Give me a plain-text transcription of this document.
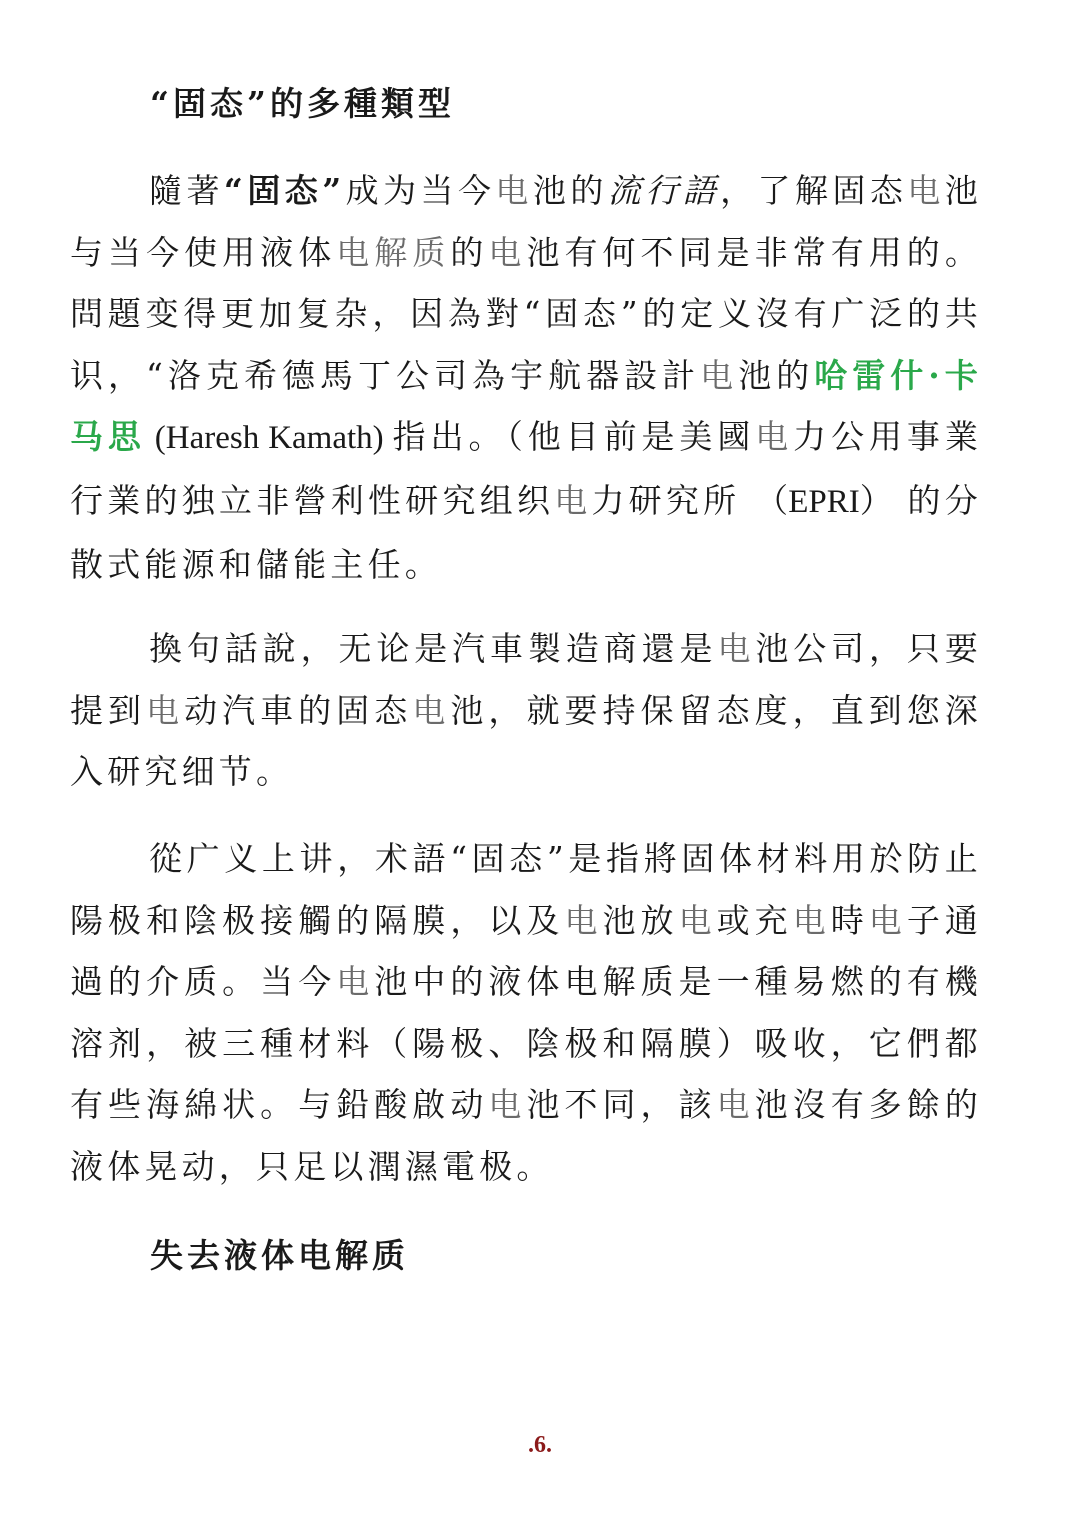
“固态”的多種類型

隨著“固态”成为当今电池的流行語，了解固态电池与当今使用液体电解质的电池有何不同是非常有用的。問題变得更加复杂，因為對“固态”的定义沒有广泛的共识，“洛克希德馬丁公司為宇航器設計电池的哈雷什·卡马思 (Haresh Kamath) 指出。（他目前是美國电力公用事業行業的独立非營利性研究组织电力研究所 （EPRI） 的分散式能源和儲能主任。

換句話說，无论是汽車製造商還是电池公司，只要提到电动汽車的固态电池，就要持保留态度，直到您深入研究细节。

從广义上讲，术語“固态”是指將固体材料用於防止陽极和陰极接觸的隔膜，以及电池放电或充电時电子通過的介质。当今电池中的液体电解质是一種易燃的有機溶剂，被三種材料（陽极、陰极和隔膜）吸收，它們都有些海綿状。与鉛酸啟动电池不同，該电池沒有多餘的液体晃动，只足以潤濕電极。

失去液体电解质
.6.
